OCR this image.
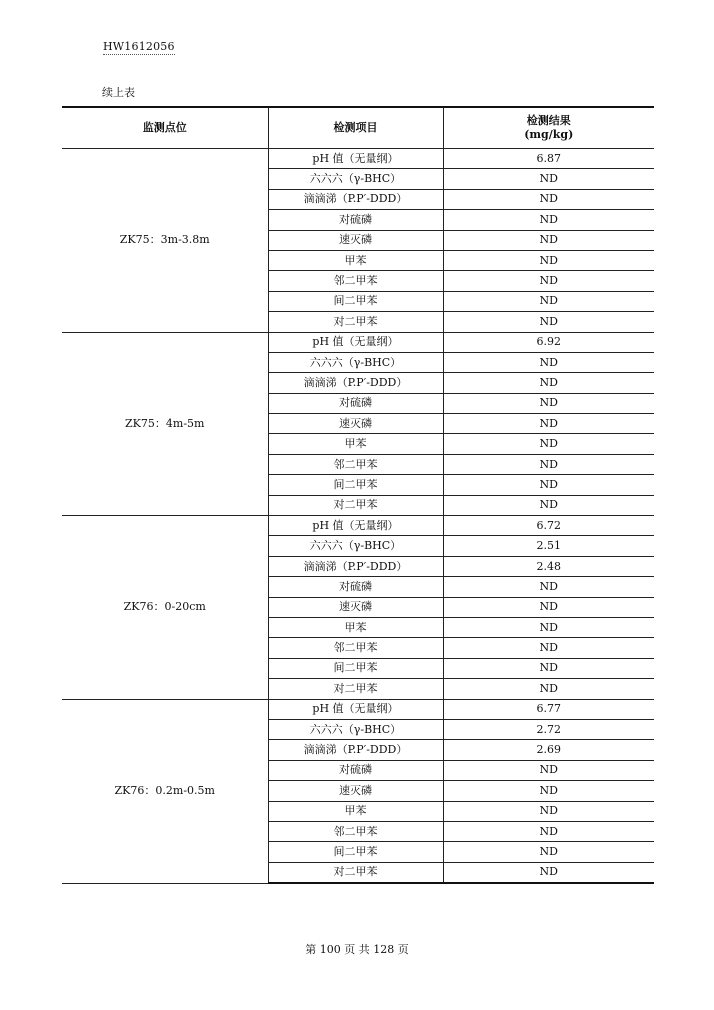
HW1612056
续上表
监测点位	检测项目	检测结果
(mg/kg)

ZK75：3m-3.8m	pH 值（无量纲）	6.87
	六六六（γ-BHC）	ND
	滴滴涕（P.P′-DDD）	ND
	对硫磷	ND
	速灭磷	ND
	甲苯	ND
	邻二甲苯	ND
	间二甲苯	ND
	对二甲苯	ND
ZK75：4m-5m	pH 值（无量纲）	6.92
	六六六（γ-BHC）	ND
	滴滴涕（P.P′-DDD）	ND
	对硫磷	ND
	速灭磷	ND
	甲苯	ND
	邻二甲苯	ND
	间二甲苯	ND
	对二甲苯	ND
ZK76：0-20cm	pH 值（无量纲）	6.72
	六六六（γ-BHC）	2.51
	滴滴涕（P.P′-DDD）	2.48
	对硫磷	ND
	速灭磷	ND
	甲苯	ND
	邻二甲苯	ND
	间二甲苯	ND
	对二甲苯	ND
ZK76：0.2m-0.5m	pH 值（无量纲）	6.77
	六六六（γ-BHC）	2.72
	滴滴涕（P.P′-DDD）	2.69
	对硫磷	ND
	速灭磷	ND
	甲苯	ND
	邻二甲苯	ND
	间二甲苯	ND
	对二甲苯	ND
第 100 页 共 128 页
